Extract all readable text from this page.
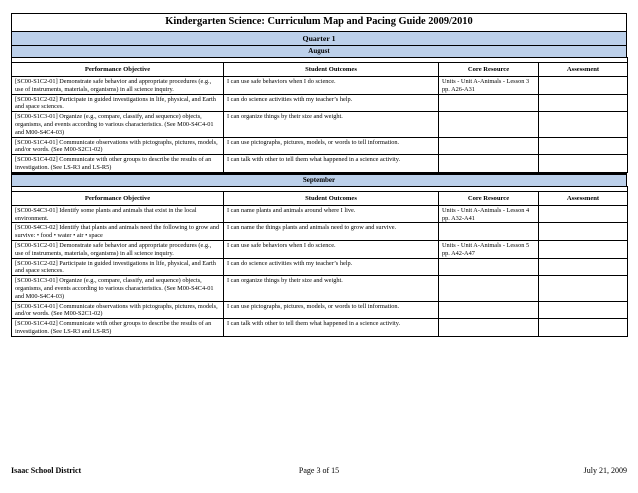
Kindergarten Science: Curriculum Map and Pacing Guide 2009/2010
Quarter 1
August

Performance Objective	Student Outcomes	Core Resource	Assessment
[SC00-S1C2-01] Demonstrate safe behavior and appropriate procedures (e.g., use of instruments, materials, organisms) in all science inquiry.	I can use safe behaviors when I do science.	Units - Unit A-Animals - Lesson 3 pp. A26-A31	
[SC00-S1C2-02] Participate in guided investigations in life, physical, and Earth and space sciences.	I can do science activities with my teacher’s help.		
[SC00-S1C3-01] Organize (e.g., compare, classify, and sequence) objects, organisms, and events according to various characteristics. (See M00-S4C4-01 and M00-S4C4-03)	I can organize things by their size and weight.		
[SC00-S1C4-01] Communicate observations with pictographs, pictures, models, and/or words. (See M00-S2C1-02)	I can use pictographs, pictures, models, or words to tell information.		
[SC00-S1C4-02] Communicate with other groups to describe the results of an investigation. (See LS-R3 and LS-R5)	I can talk with other to tell them what happened in a science activity.		
September

Performance Objective	Student Outcomes	Core Resource	Assessment
[SC00-S4C3-01] Identify some plants and animals that exist in the local environment.	I can name plants and animals around where I live.	Units - Unit A-Animals - Lesson 4 pp. A32-A41	
[SC00-S4C3-02] Identify that plants and animals need the following to grow and survive: • food • water • air • space	I can name the things plants and animals need to grow and survive.		
[SC00-S1C2-01] Demonstrate safe behavior and appropriate procedures (e.g., use of instruments, materials, organisms) in all science inquiry.	I can use safe behaviors when I do science.	Units - Unit A-Animals - Lesson 5 pp. A42-A47	
[SC00-S1C2-02] Participate in guided investigations in life, physical, and Earth and space sciences.	I can do science activities with my teacher’s help.		
[SC00-S1C3-01] Organize (e.g., compare, classify, and sequence) objects, organisms, and events according to various characteristics. (See M00-S4C4-01 and M00-S4C4-03)	I can organize things by their size and weight.		
[SC00-S1C4-01] Communicate observations with pictographs, pictures, models, and/or words. (See M00-S2C1-02)	I can use pictographs, pictures, models, or words to tell information.		
[SC00-S1C4-02] Communicate with other groups to describe the results of an investigation. (See LS-R3 and LS-R5)	I can talk with other to tell them what happened in a science activity.		
Isaac School District	Page 3 of 15	July 21, 2009
